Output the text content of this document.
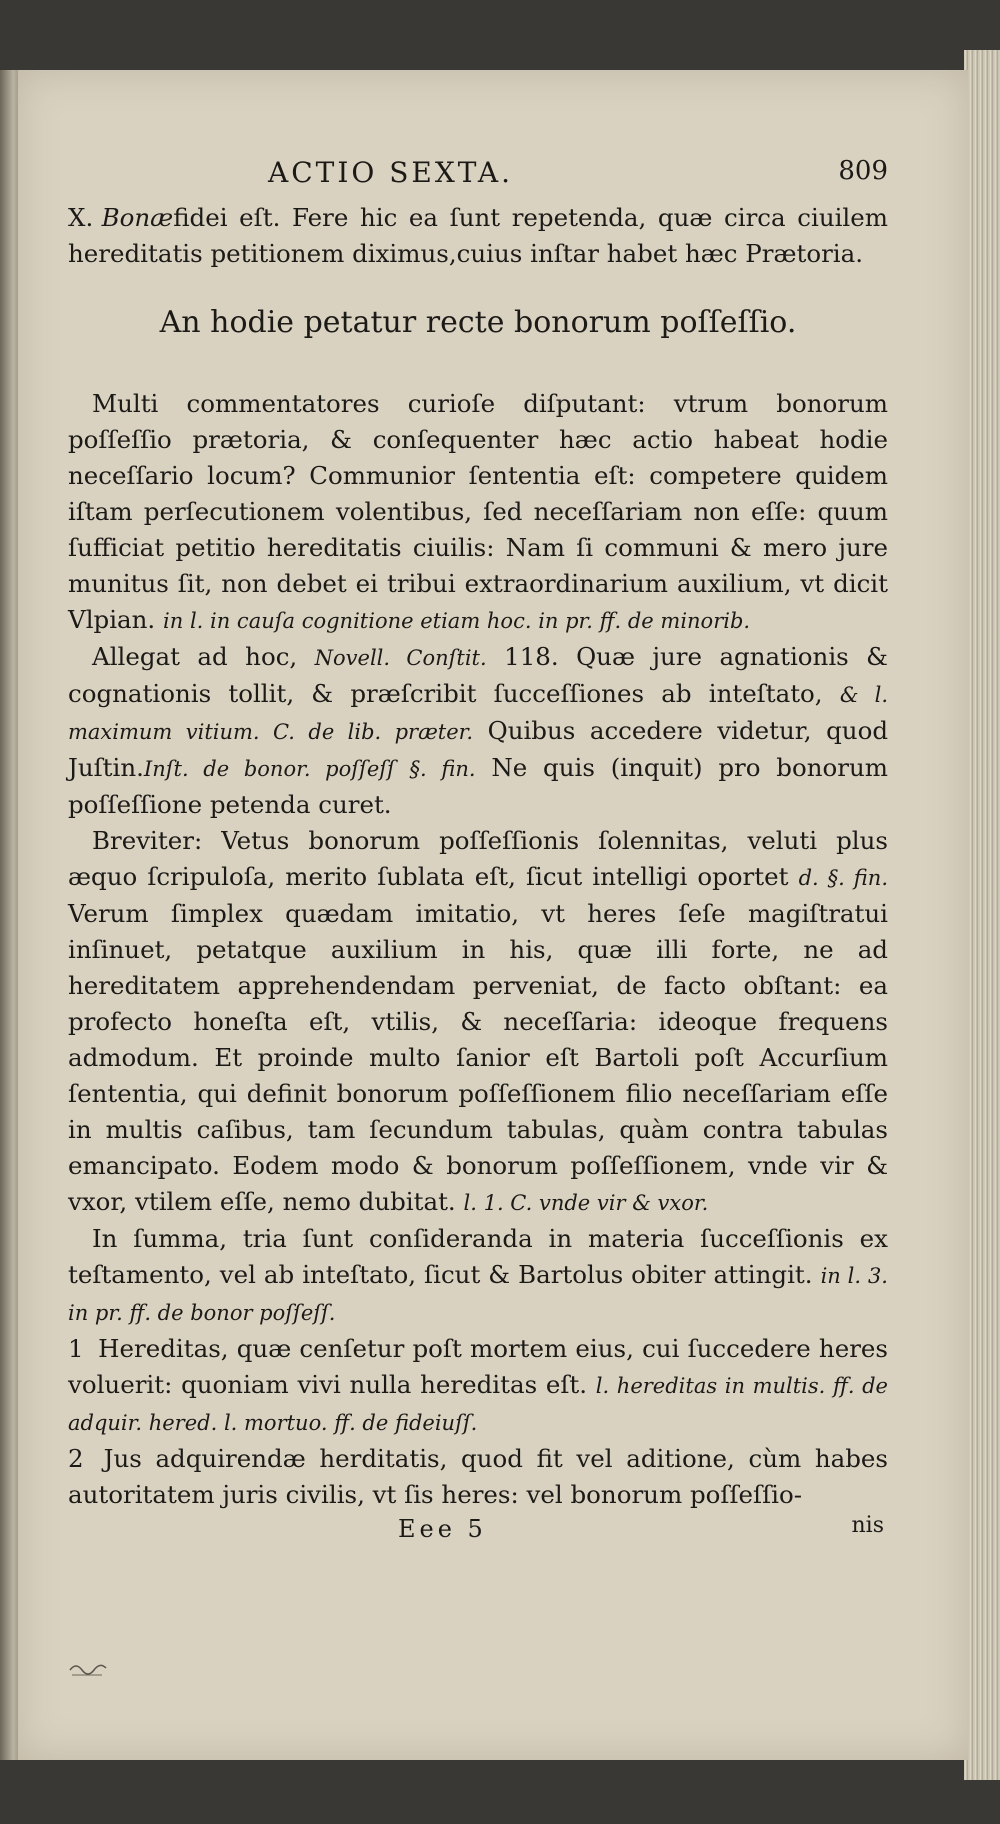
ACTIO SEXTA.	809

X. Bonæfidei eſt. Fere hic ea ſunt repetenda, quæ circa ciuilem hereditatis petitionem diximus,cuius inſtar habet hæc Prætoria.

An hodie petatur recte bonorum poſſeſſio.

Multi commentatores curioſe diſputant: vtrum bonorum poſſeſſio prætoria, & conſequenter hæc actio habeat hodie neceſſario locum? Communior ſententia eſt: competere quidem iſtam perſecutionem volentibus, ſed neceſſariam non eſſe: quum ſufficiat petitio hereditatis ciuilis: Nam ſi communi & mero jure munitus ſit, non debet ei tribui extraordinarium auxilium, vt dicit Vlpian. in l. in cauſa cognitione etiam hoc. in pr. ff. de minorib.

Allegat ad hoc, Novell. Conſtit. 118. Quæ jure agnationis & cognationis tollit, & præſcribit ſucceſſiones ab inteſtato, & l. maximum vitium. C. de lib. præter. Quibus accedere videtur, quod Juſtin.Inſt. de bonor. poſſeſſ §. fin. Ne quis (inquit) pro bonorum poſſeſſione petenda curet.

Breviter: Vetus bonorum poſſeſſionis ſolennitas, veluti plus æquo ſcripuloſa, merito ſublata eſt, ſicut intelligi oportet d. §. fin. Verum ſimplex quædam imitatio, vt heres ſeſe magiſtratui inſinuet, petatque auxilium in his, quæ illi forte, ne ad hereditatem apprehendendam perveniat, de facto obſtant: ea profecto honeſta eſt, vtilis, & neceſſaria: ideoque frequens admodum. Et proinde multo ſanior eſt Bartoli poſt Accurſium ſententia, qui definit bonorum poſſeſſionem filio neceſſariam eſſe in multis caſibus, tam ſecundum tabulas, quàm contra tabulas emancipato. Eodem modo & bonorum poſſeſſionem, vnde vir & vxor, vtilem eſſe, nemo dubitat. l. 1. C. vnde vir & vxor.

In ſumma, tria ſunt conſideranda in materia ſucceſſionis ex teſtamento, vel ab inteſtato, ſicut & Bartolus obiter attingit. in l. 3. in pr. ff. de bonor poſſeſſ.

1 Hereditas, quæ cenſetur poſt mortem eius, cui ſuccedere heres voluerit: quoniam vivi nulla hereditas eſt. l. hereditas in multis. ff. de adquir. hered. l. mortuo. ff. de fideiuſſ.

2 Jus adquirendæ herditatis, quod fit vel aditione, cùm habes autoritatem juris civilis, vt ſis heres: vel bonorum poſſeſſio-

Eee 5	nis
